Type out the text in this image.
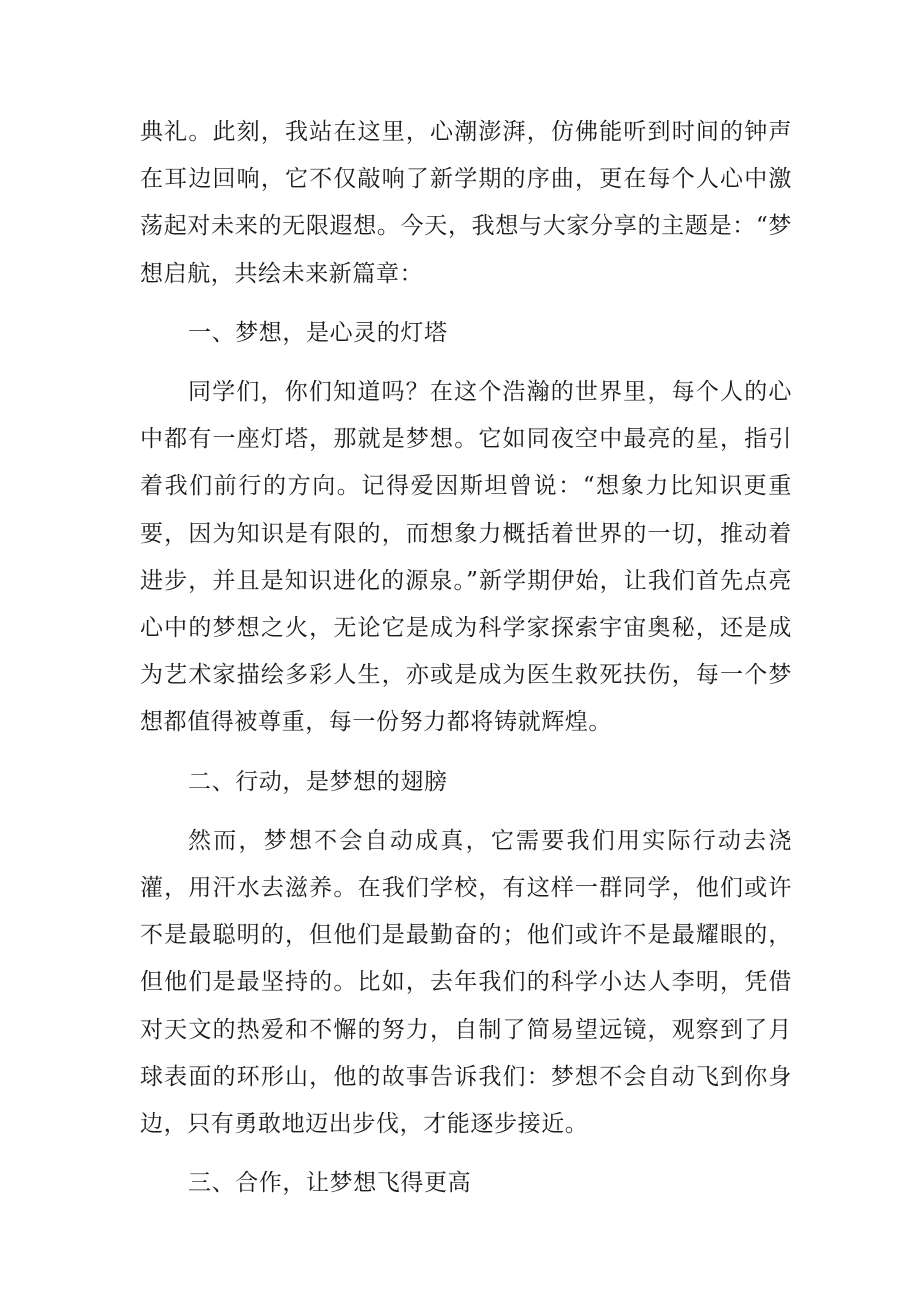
典礼。此刻，我站在这里，心潮澎湃，仿佛能听到时间的钟声在耳边回响，它不仅敲响了新学期的序曲，更在每个人心中激荡起对未来的无限遐想。今天，我想与大家分享的主题是：“梦想启航，共绘未来新篇章：

一、梦想，是心灵的灯塔

同学们，你们知道吗？在这个浩瀚的世界里，每个人的心中都有一座灯塔，那就是梦想。它如同夜空中最亮的星，指引着我们前行的方向。记得爱因斯坦曾说：“想象力比知识更重要，因为知识是有限的，而想象力概括着世界的一切，推动着进步，并且是知识进化的源泉。”新学期伊始，让我们首先点亮心中的梦想之火，无论它是成为科学家探索宇宙奥秘，还是成为艺术家描绘多彩人生，亦或是成为医生救死扶伤，每一个梦想都值得被尊重，每一份努力都将铸就辉煌。

二、行动，是梦想的翅膀

然而，梦想不会自动成真，它需要我们用实际行动去浇灌，用汗水去滋养。在我们学校，有这样一群同学，他们或许不是最聪明的，但他们是最勤奋的；他们或许不是最耀眼的，但他们是最坚持的。比如，去年我们的科学小达人李明，凭借对天文的热爱和不懈的努力，自制了简易望远镜，观察到了月球表面的环形山，他的故事告诉我们：梦想不会自动飞到你身边，只有勇敢地迈出步伐，才能逐步接近。

三、合作，让梦想飞得更高
